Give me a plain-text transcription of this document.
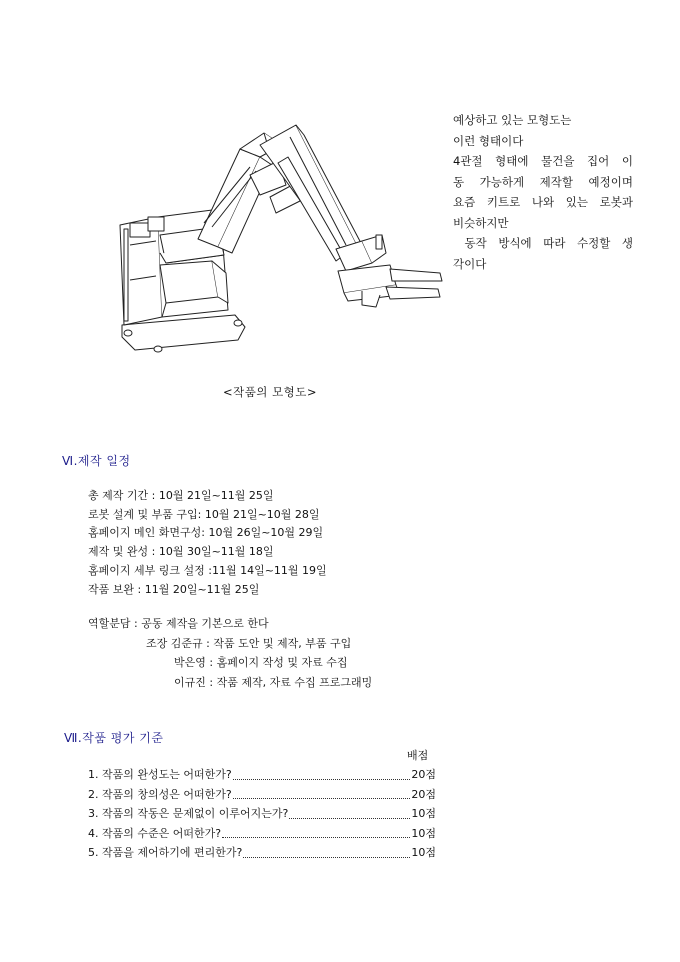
예상하고 있는 모형도는
이런 형태이다
4관절 형태에 물건을 집어 이
동 가능하게 제작할 예정이며
요즘 키트로 나와 있는 로봇과
비슷하지만
동작 방식에 따라 수정할 생
각이다
<작품의 모형도>
Ⅵ.제작 일정
총 제작 기간 : 10월 21일~11월 25일
로봇 설계 및 부품 구입: 10월 21일~10월 28일
홈페이지 메인 화면구성: 10월 26일~10월 29일
제작 및 완성 : 10월 30일~11월 18일
홈페이지 세부 링크 설정 :11월 14일~11월 19일
작품 보완 : 11월 20일~11월 25일
역할분담 : 공동 제작을 기본으로 한다
조장 김준규 : 작품 도안 및 제작, 부품 구입
박은영 : 홈페이지 작성 및 자료 수집
이규진 : 작품 제작, 자료 수집 프로그래밍
Ⅶ.작품 평가 기준
배점
1. 작품의 완성도는 어떠한가?	20점
2. 작품의 창의성은 어떠한가?	20점
3. 작품의 작동은 문제없이 이루어지는가?	10점
4. 작품의 수준은 어떠한가?	10점
5. 작품을 제어하기에 편리한가?	10점
